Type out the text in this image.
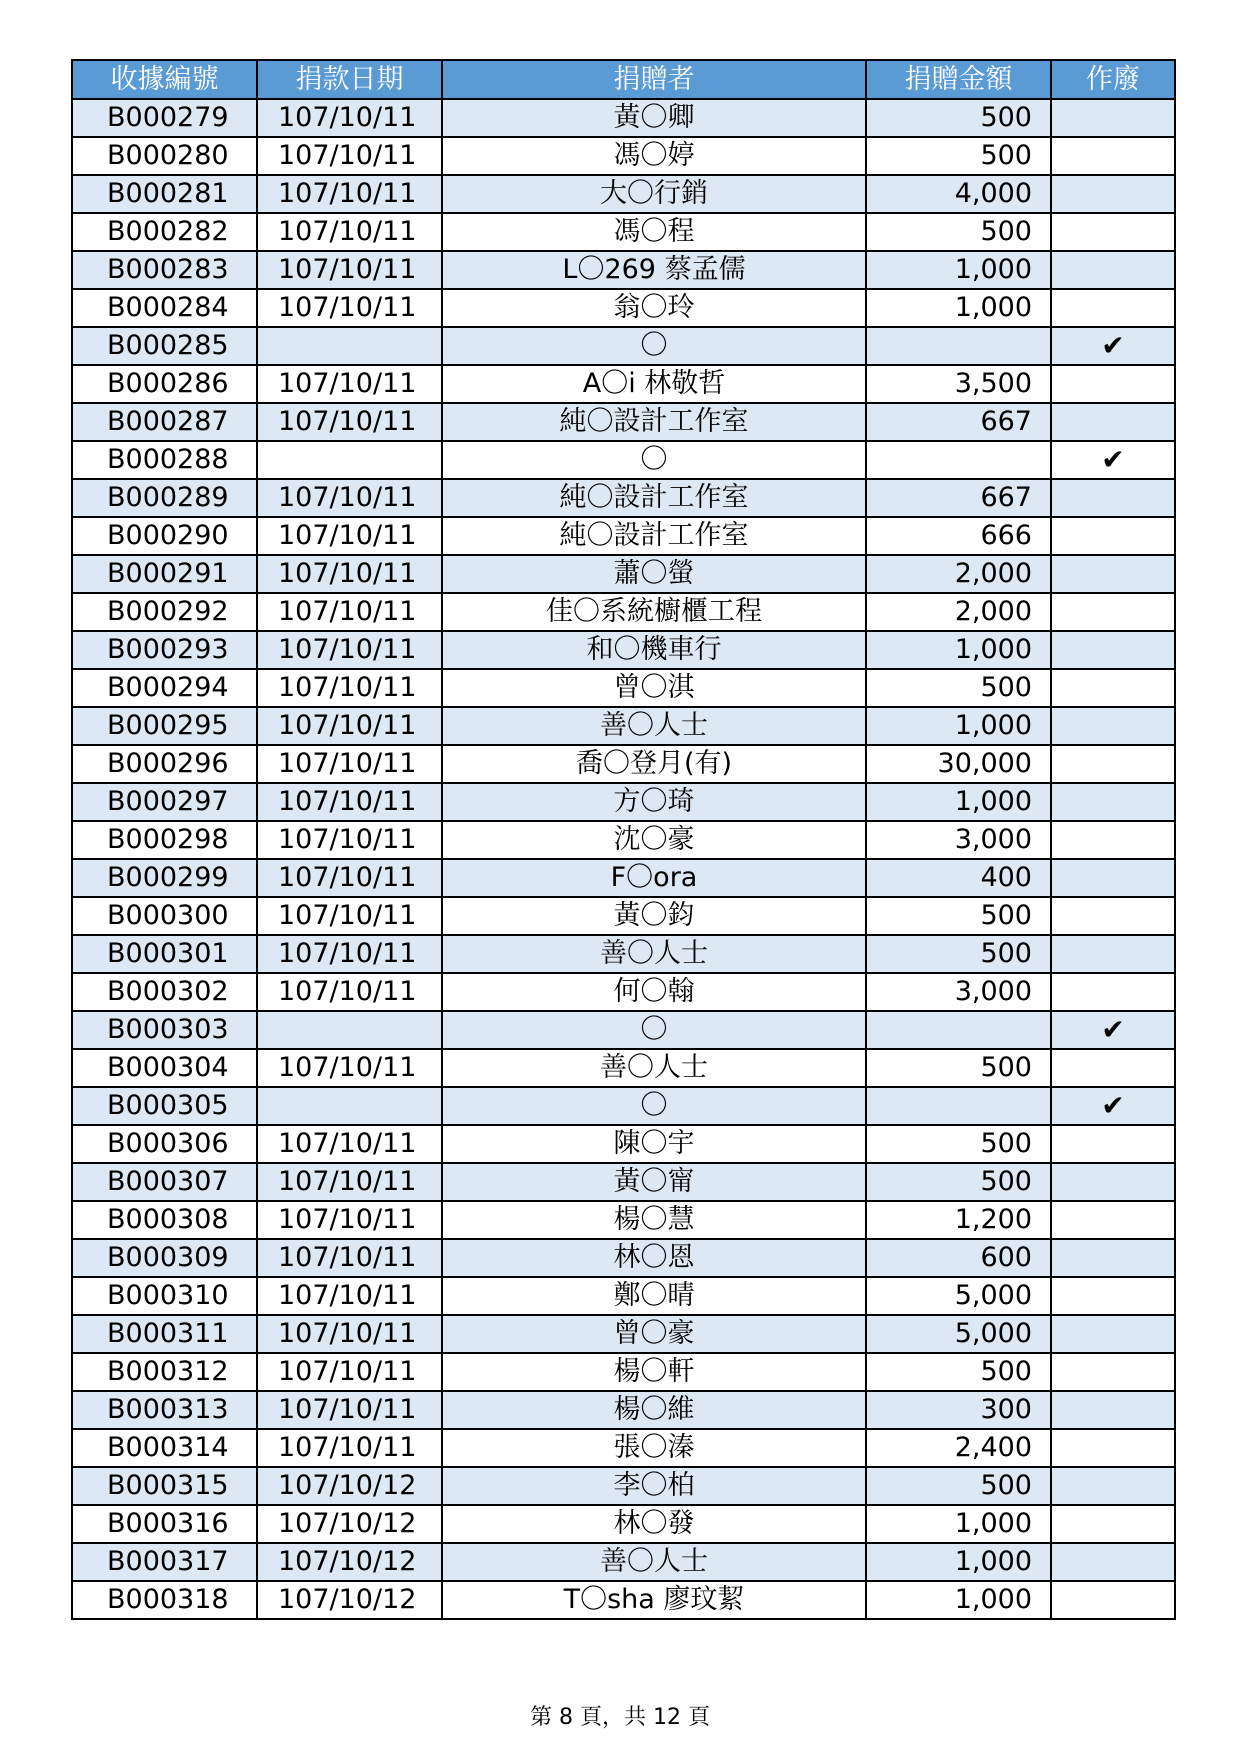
收據編號	捐款日期	捐贈者	捐贈金額	作廢
B000279	107/10/11	黃〇卿	500	
B000280	107/10/11	馮〇婷	500	
B000281	107/10/11	大〇行銷	4,000	
B000282	107/10/11	馮〇程	500	
B000283	107/10/11	L〇269 蔡孟儒	1,000	
B000284	107/10/11	翁〇玲	1,000	
B000285		〇		✔
B000286	107/10/11	A〇i 林敬哲	3,500	
B000287	107/10/11	純〇設計工作室	667	
B000288		〇		✔
B000289	107/10/11	純〇設計工作室	667	
B000290	107/10/11	純〇設計工作室	666	
B000291	107/10/11	蕭〇螢	2,000	
B000292	107/10/11	佳〇系統櫥櫃工程	2,000	
B000293	107/10/11	和〇機車行	1,000	
B000294	107/10/11	曾〇淇	500	
B000295	107/10/11	善〇人士	1,000	
B000296	107/10/11	喬〇登月(有)	30,000	
B000297	107/10/11	方〇琦	1,000	
B000298	107/10/11	沈〇豪	3,000	
B000299	107/10/11	F〇ora	400	
B000300	107/10/11	黃〇鈞	500	
B000301	107/10/11	善〇人士	500	
B000302	107/10/11	何〇翰	3,000	
B000303		〇		✔
B000304	107/10/11	善〇人士	500	
B000305		〇		✔
B000306	107/10/11	陳〇宇	500	
B000307	107/10/11	黃〇甯	500	
B000308	107/10/11	楊〇慧	1,200	
B000309	107/10/11	林〇恩	600	
B000310	107/10/11	鄭〇晴	5,000	
B000311	107/10/11	曾〇豪	5,000	
B000312	107/10/11	楊〇軒	500	
B000313	107/10/11	楊〇維	300	
B000314	107/10/11	張〇溱	2,400	
B000315	107/10/12	李〇柏	500	
B000316	107/10/12	林〇發	1,000	
B000317	107/10/12	善〇人士	1,000	
B000318	107/10/12	T〇sha 廖玟絜	1,000	
第 8 頁，共 12 頁
